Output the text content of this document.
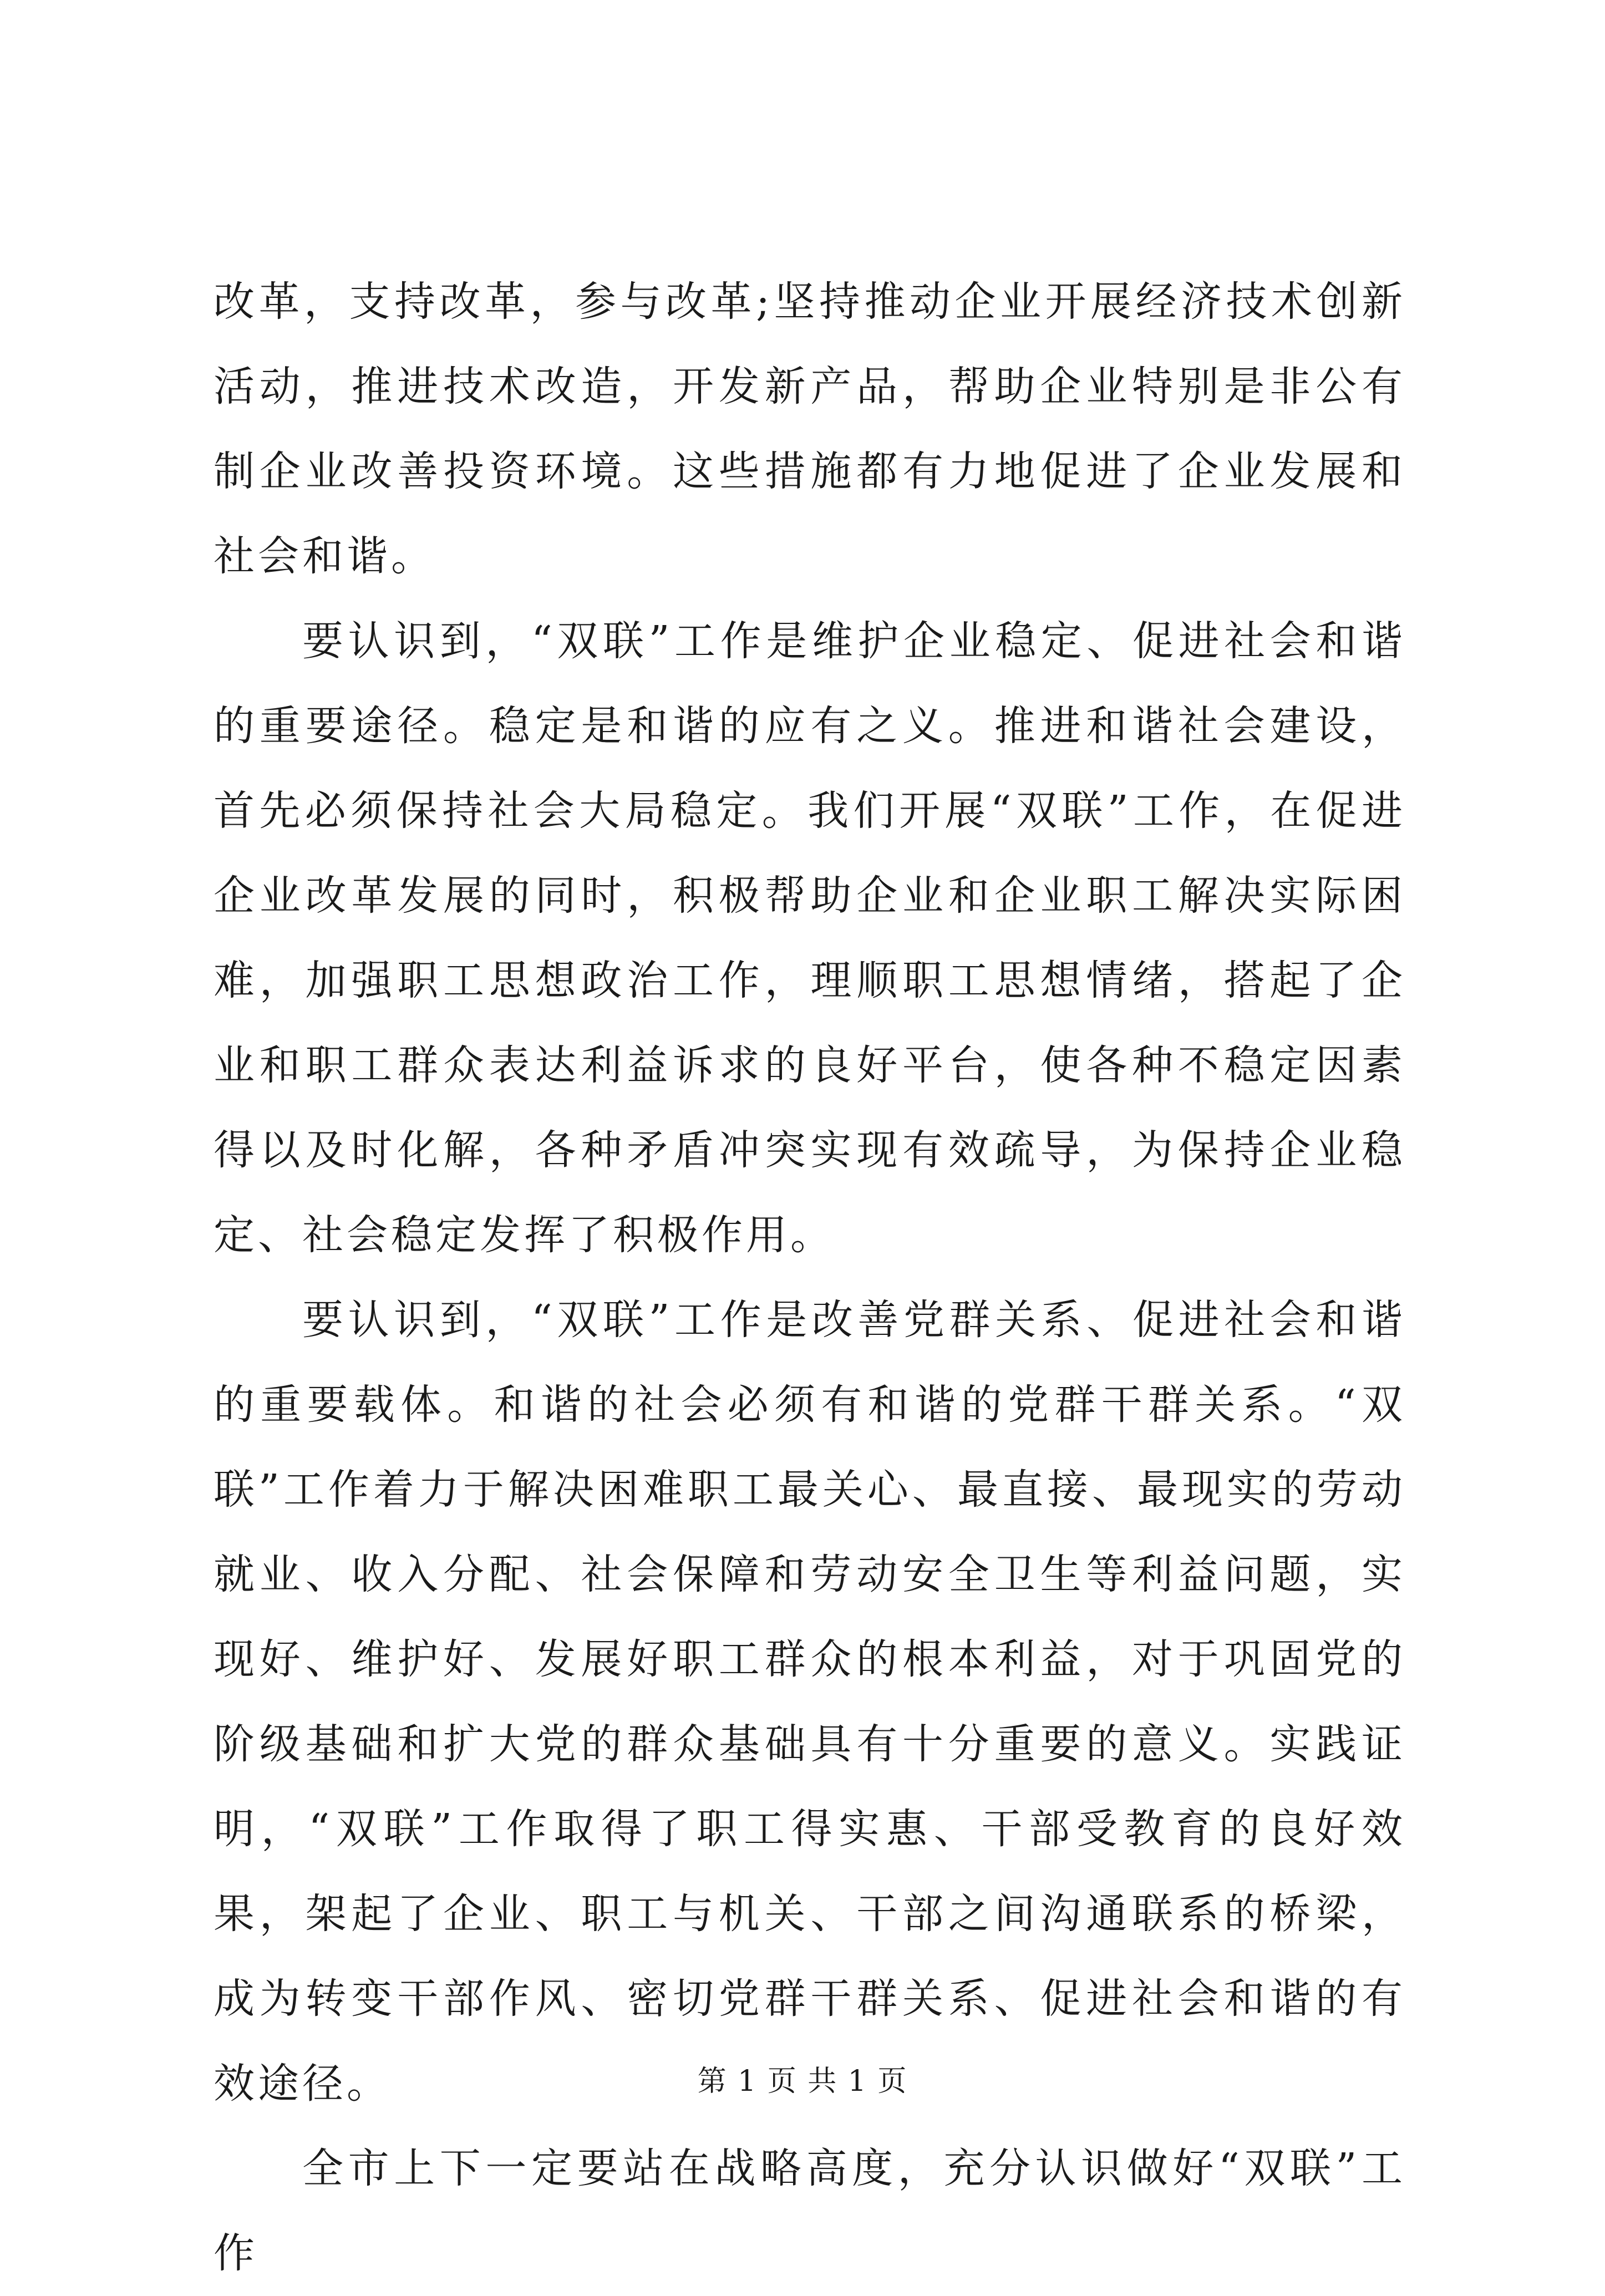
改革，支持改革，参与改革;坚持推动企业开展经济技术创新活动，推进技术改造，开发新产品，帮助企业特别是非公有制企业改善投资环境。这些措施都有力地促进了企业发展和社会和谐。

要认识到，“双联”工作是维护企业稳定、促进社会和谐的重要途径。稳定是和谐的应有之义。推进和谐社会建设，首先必须保持社会大局稳定。我们开展“双联”工作，在促进企业改革发展的同时，积极帮助企业和企业职工解决实际困难，加强职工思想政治工作，理顺职工思想情绪，搭起了企业和职工群众表达利益诉求的良好平台，使各种不稳定因素得以及时化解，各种矛盾冲突实现有效疏导，为保持企业稳定、社会稳定发挥了积极作用。

要认识到，“双联”工作是改善党群关系、促进社会和谐的重要载体。和谐的社会必须有和谐的党群干群关系。“双联”工作着力于解决困难职工最关心、最直接、最现实的劳动就业、收入分配、社会保障和劳动安全卫生等利益问题，实现好、维护好、发展好职工群众的根本利益，对于巩固党的阶级基础和扩大党的群众基础具有十分重要的意义。实践证明，“双联”工作取得了职工得实惠、干部受教育的良好效果，架起了企业、职工与机关、干部之间沟通联系的桥梁，成为转变干部作风、密切党群干群关系、促进社会和谐的有效途径。

全市上下一定要站在战略高度，充分认识做好“双联”工作

第 1 页 共 1 页
